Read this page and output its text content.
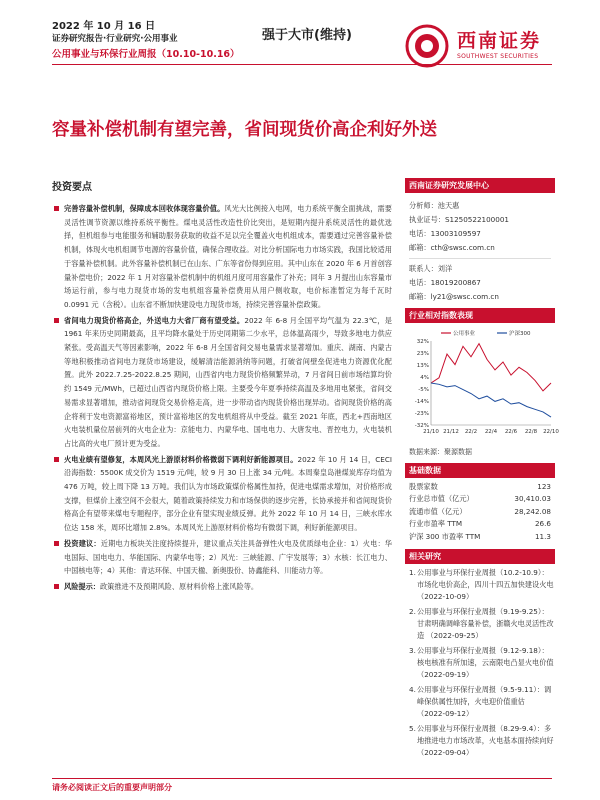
2022 年 10 月 16 日
证券研究报告·行业研究·公用事业
公用事业与环保行业周报（10.10-10.16）
强于大市(维持)	西南证券
SOUTHWEST SECURITIES
容量补偿机制有望完善，省间现货价高企利好外送
投资要点
完善容量补偿机制，保障成本回收体现容量价值。风光大比例接入电网，电力系统平衡全面挑战，需要灵活性调节资源以维持系统平衡性。煤电灵活性改造性价比突出，是短期内提升系统灵活性的最优选择，但机组参与电能服务和辅助服务获取的收益不足以完全覆盖火电机组成本，需要通过完善容量补偿机制，体现火电机组调节电源的容量价值，确保合理收益。对比分析国际电力市场实践，我国比较适用于容量补偿机制。此外容量补偿机制已在山东、广东等省份得到应用。其中山东在 2020 年 6 月首创容量补偿电价；2022 年 1 月对容量补偿机制中的机组月度可用容量作了补充；同年 3 月提出山东容量市场运行前，参与电力现货市场的发电机组容量补偿费用从用户侧收取，电价标准暂定为每千瓦时 0.0991 元（含税）。山东省不断加快建设电力现货市场，持续完善容量补偿政策。
省间电力现货价格高企，外送电力大省厂商有望受益。2022 年 6-8 月全国平均气温为 22.3℃，是 1961 年来历史同期最高，且平均降水量处于历史同期第二少水平，总体温高雨少，导致多地电力供应紧张。受高温天气等因素影响，2022 年 6-8 月全国省间交易电量需求显著增加。重庆、湖南、内蒙古等地积极推动省间电力现货市场建设，缓解清洁能源消纳等问题，打破省间壁垒促进电力资源优化配置。此外 2022.7.25-2022.8.25 期间，山西省内电力现货价格频繁异动，7 月省间日前市场结算均价约 1549 元/MWh，已超过山西省内现货价格上限。主要受今年夏季持续高温及多地用电紧张，省间交易需求显著增加，推动省间现货交易价格走高，进一步带动省内现货价格出现异动。省间现货价格的高企将利于发电资源富裕地区，预计富裕地区的发电机组将从中受益。截至 2021 年底，西北+西南地区火电装机量位居前列的火电企业为：京能电力、内蒙华电、国电电力、大唐发电、晋控电力，火电装机占比高的火电厂预计更为受益。
火电业绩有望修复，本周风光上游原材料价格微弱下调利好新能源项目。2022 年 10 月 14 日，CECI 沿海指数：5500K 成交价为 1519 元/吨，较 9 月 30 日上涨 34 元/吨。本周秦皇岛港煤炭库存均值为 476 万吨，较上周下降 13 万吨。我们认为市场政策煤价格属性加持，促进电煤需求增加，对价格形成支撑，但煤价上涨空间不会很大，随着政策持续发力和市场保供的逐步完善，长协承接并和省间现货价格高企有望带来煤电专题程序，部分企业有望实现业绩反弹。此外 2022 年 10 月 14 日，三峡水库水位达 158 米，周环比增加 2.8%。本周风光上游原材料价格均有微弱下调，利好新能源项目。
投资建议：近期电力板块关注度持续提升，建议重点关注具备弹性火电及优质绿电企业：1）火电：华电国际、国电电力、华能国际、内蒙华电等；2）风光：三峡能源、广宇发展等；3）水核：长江电力、中国核电等；4）其他：青达环保、中国天楹、新奥股份、协鑫能科、川能动力等。
风险提示：政策推进不及预期风险、原材料价格上涨风险等。
西南证券研究发展中心
分析师：池天惠
执业证号：S1250522100001
电话：13003109597
邮箱：cth@swsc.com.cn
联系人：刘洋
电话：18019200867
邮箱：ly21@swsc.com.cn
行业相对指数表现
32%
23%
13%
4%
-5%
-14%
-23%
-32%
21/10 21/12 22/2 22/4 22/6 22/8 22/10
公用事业	沪深300
数据来源：聚源数据
基础数据
股票家数	123
行业总市值（亿元）	30,410.03
流通市值（亿元）	28,242.08
行业市盈率 TTM	26.6
沪深 300 市盈率 TTM	11.3
相关研究
1. 公用事业与环保行业周报（10.2-10.9）：市场化电价高企，四川十四五加快建设火电 （2022-10-09）
2. 公用事业与环保行业周报（9.19-9.25）：甘肃明确调峰容量补偿，浙赣火电灵活性改造 （2022-09-25）
3. 公用事业与环保行业周报（9.12-9.18）：核电核准有所加速，云南限电凸显火电价值 （2022-09-19）
4. 公用事业与环保行业周报（9.5-9.11）：调峰保供属性加持，火电迎价值重估 （2022-09-12）
5. 公用事业与环保行业周报（8.29-9.4）：多地推进电力市场改革，火电基本面持续向好 （2022-09-04）
请务必阅读正文后的重要声明部分
